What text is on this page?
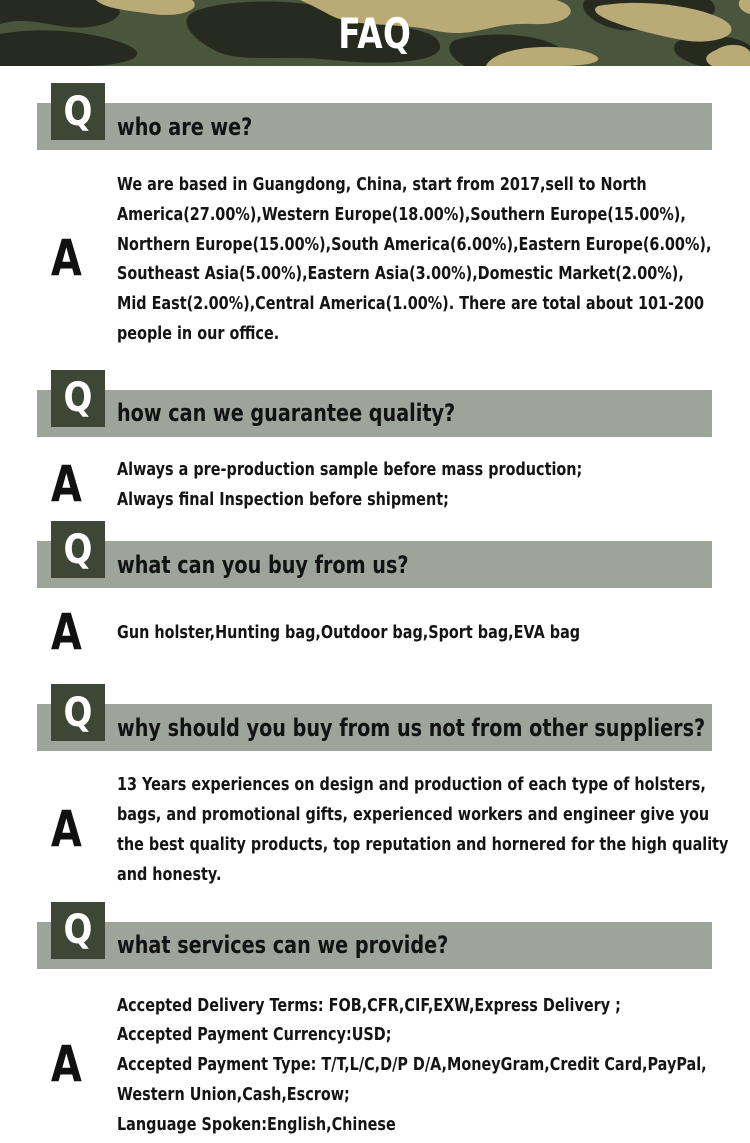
FAQ
who are we?
Q
A
We are based in Guangdong, China, start from 2017,sell to North
America(27.00%),Western Europe(18.00%),Southern Europe(15.00%),
Northern Europe(15.00%),South America(6.00%),Eastern Europe(6.00%),
Southeast Asia(5.00%),Eastern Asia(3.00%),Domestic Market(2.00%),
Mid East(2.00%),Central America(1.00%). There are total about 101-200
people in our office.
how can we guarantee quality?
Q
A Always a pre-production sample before mass production;
Always final Inspection before shipment;
what can you buy from us?
Q
A Gun holster,Hunting bag,Outdoor bag,Sport bag,EVA bag
why should you buy from us not from other suppliers?
Q
A
13 Years experiences on design and production of each type of holsters,
bags, and promotional gifts, experienced workers and engineer give you
the best quality products, top reputation and hornered for the high quality
and honesty.
what services can we provide?
Q
A
Accepted Delivery Terms: FOB,CFR,CIF,EXW,Express Delivery ;
Accepted Payment Currency:USD;
Accepted Payment Type: T/T,L/C,D/P D/A,MoneyGram,Credit Card,PayPal,
Western Union,Cash,Escrow;
Language Spoken:English,Chinese
